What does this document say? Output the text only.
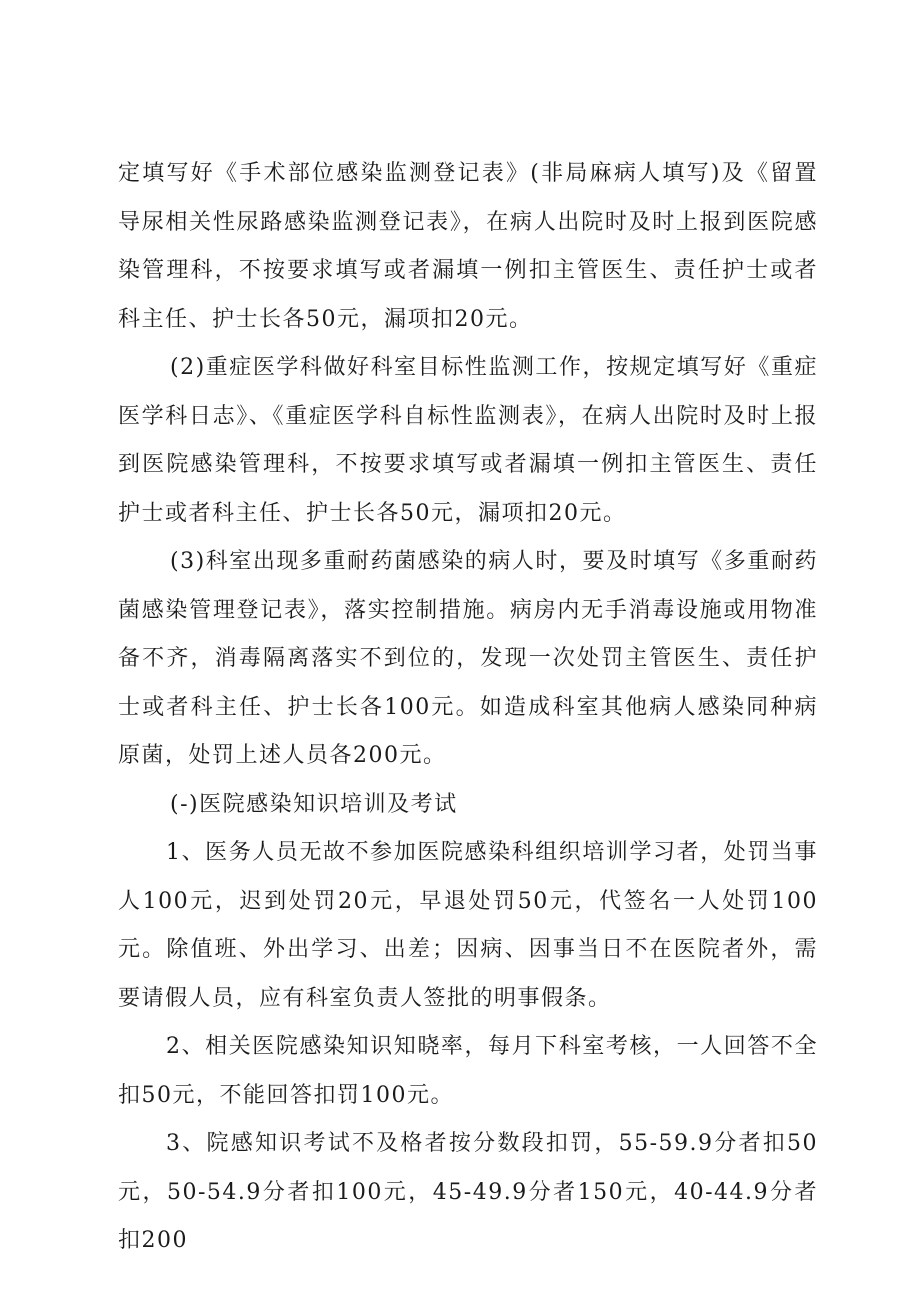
定填写好《手术部位感染监测登记表》(非局麻病人填写)及《留置导尿相关性尿路感染监测登记表》，在病人出院时及时上报到医院感染管理科，不按要求填写或者漏填一例扣主管医生、责任护士或者科主任、护士长各50元，漏项扣20元。

(2)重症医学科做好科室目标性监测工作，按规定填写好《重症医学科日志》、《重症医学科自标性监测表》，在病人出院时及时上报到医院感染管理科，不按要求填写或者漏填一例扣主管医生、责任护士或者科主任、护士长各50元，漏项扣20元。

(3)科室出现多重耐药菌感染的病人时，要及时填写《多重耐药菌感染管理登记表》，落实控制措施。病房内无手消毒设施或用物准备不齐，消毒隔离落实不到位的，发现一次处罚主管医生、责任护士或者科主任、护士长各100元。如造成科室其他病人感染同种病原菌，处罚上述人员各200元。

(-)医院感染知识培训及考试

1、医务人员无故不参加医院感染科组织培训学习者，处罚当事人100元，迟到处罚20元，早退处罚50元，代签名一人处罚100元。除值班、外出学习、出差；因病、因事当日不在医院者外，需要请假人员，应有科室负责人签批的明事假条。

2、相关医院感染知识知晓率，每月下科室考核，一人回答不全扣50元，不能回答扣罚100元。

3、院感知识考试不及格者按分数段扣罚，55-59.9分者扣50元，50-54.9分者扣100元，45-49.9分者150元，40-44.9分者扣200
